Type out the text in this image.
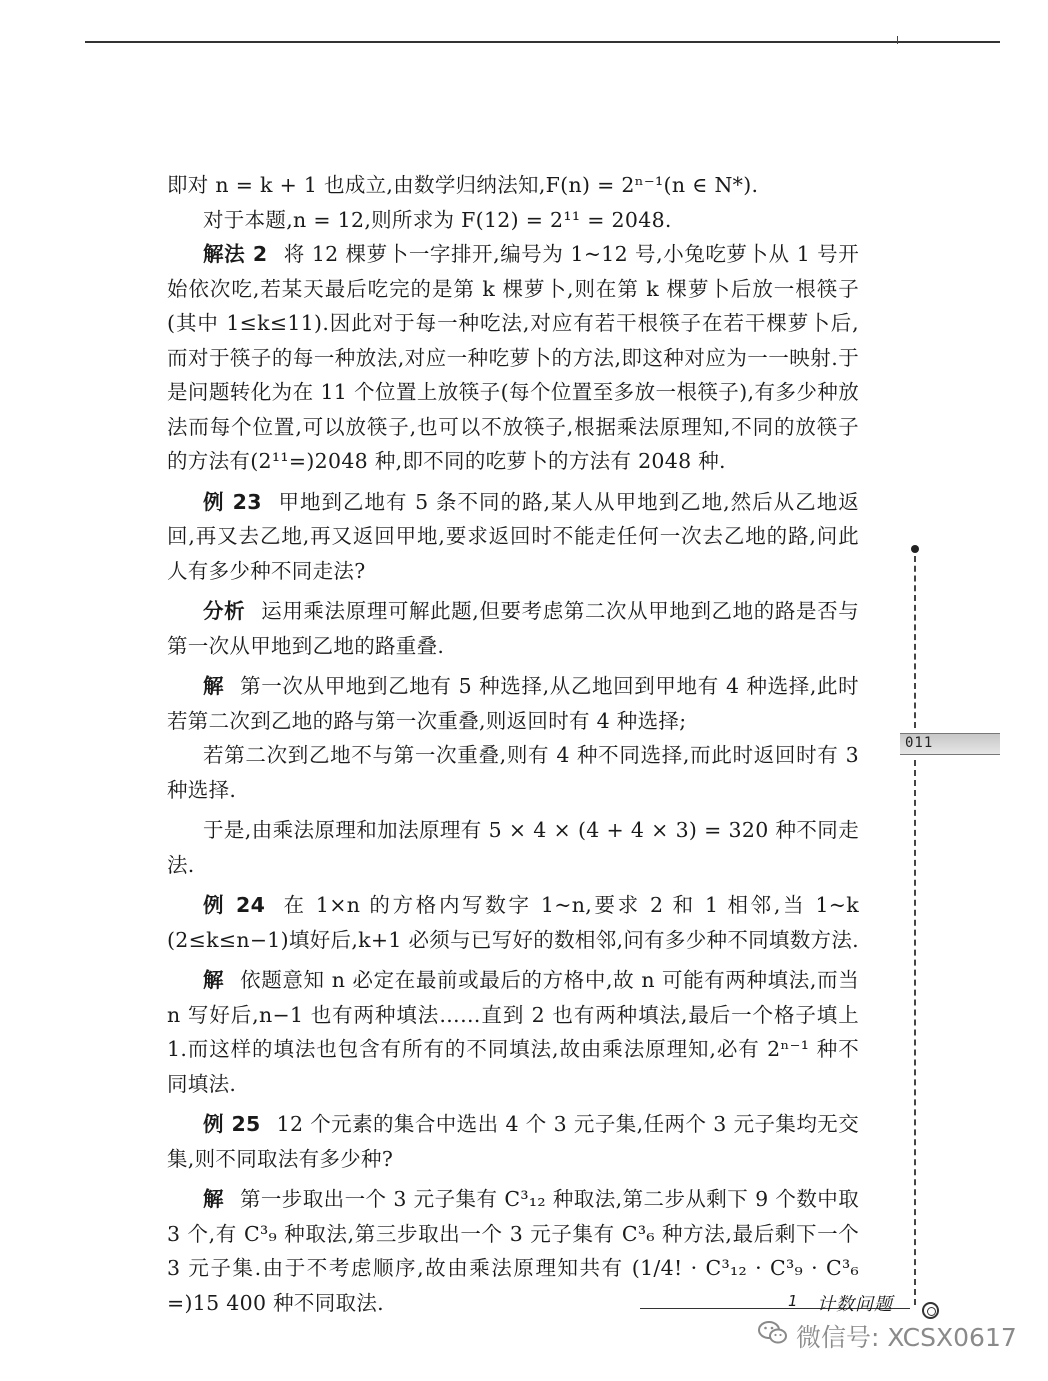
即对 n = k + 1 也成立,由数学归纳法知,F(n) = 2ⁿ⁻¹(n ∈ N*).

对于本题,n = 12,则所求为 F(12) = 2¹¹ = 2048.

解法 2 将 12 棵萝卜一字排开,编号为 1~12 号,小兔吃萝卜从 1 号开始依次吃,若某天最后吃完的是第 k 棵萝卜,则在第 k 棵萝卜后放一根筷子(其中 1≤k≤11).因此对于每一种吃法,对应有若干根筷子在若干棵萝卜后,而对于筷子的每一种放法,对应一种吃萝卜的方法,即这种对应为一一映射.于是问题转化为在 11 个位置上放筷子(每个位置至多放一根筷子),有多少种放法而每个位置,可以放筷子,也可以不放筷子,根据乘法原理知,不同的放筷子的方法有(2¹¹=)2048 种,即不同的吃萝卜的方法有 2048 种.

例 23 甲地到乙地有 5 条不同的路,某人从甲地到乙地,然后从乙地返回,再又去乙地,再又返回甲地,要求返回时不能走任何一次去乙地的路,问此人有多少种不同走法?

分析 运用乘法原理可解此题,但要考虑第二次从甲地到乙地的路是否与第一次从甲地到乙地的路重叠.

解 第一次从甲地到乙地有 5 种选择,从乙地回到甲地有 4 种选择,此时若第二次到乙地的路与第一次重叠,则返回时有 4 种选择;

若第二次到乙地不与第一次重叠,则有 4 种不同选择,而此时返回时有 3 种选择.

于是,由乘法原理和加法原理有 5 × 4 × (4 + 4 × 3) = 320 种不同走法.

例 24 在 1×n 的方格内写数字 1~n,要求 2 和 1 相邻,当 1~k (2≤k≤n−1)填好后,k+1 必须与已写好的数相邻,问有多少种不同填数方法.

解 依题意知 n 必定在最前或最后的方格中,故 n 可能有两种填法,而当 n 写好后,n−1 也有两种填法……直到 2 也有两种填法,最后一个格子填上 1.而这样的填法也包含有所有的不同填法,故由乘法原理知,必有 2ⁿ⁻¹ 种不同填法.

例 25 12 个元素的集合中选出 4 个 3 元子集,任两个 3 元子集均无交集,则不同取法有多少种?

解 第一步取出一个 3 元子集有 C³₁₂ 种取法,第二步从剩下 9 个数中取 3 个,有 C³₉ 种取法,第三步取出一个 3 元子集有 C³₆ 种方法,最后剩下一个 3 元子集.由于不考虑顺序,故由乘法原理知共有 (1/4! · C³₁₂ · C³₉ · C³₆ =)15 400 种不同取法.

011
1 计数问题
微信号: XCSX0617
